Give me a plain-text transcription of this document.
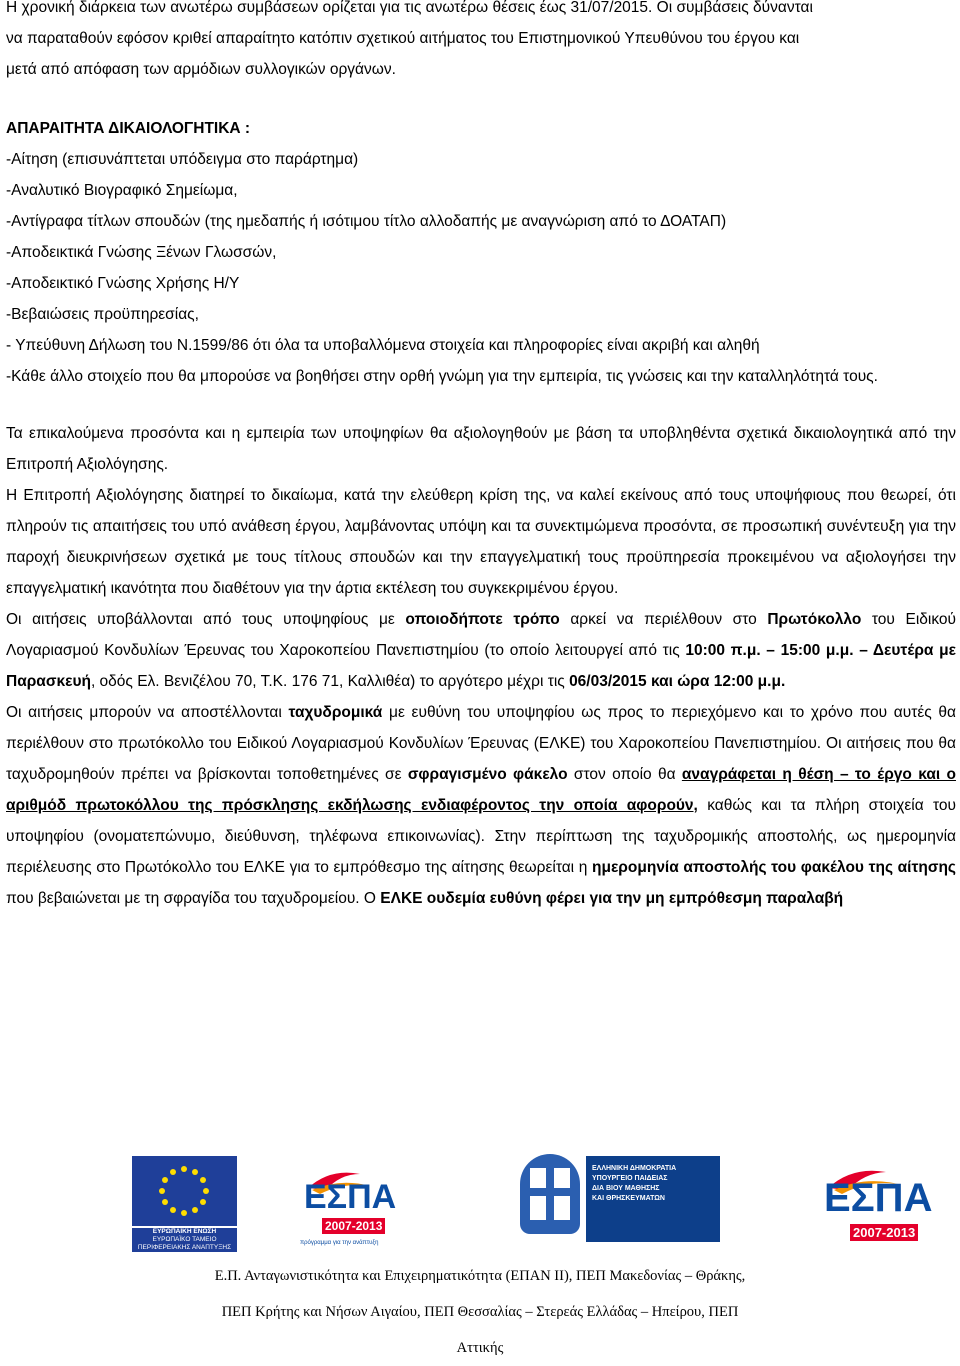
Η χρονική διάρκεια των ανωτέρω συμβάσεων ορίζεται για τις ανωτέρω θέσεις έως 31/07/2015. Οι συμβάσεις δύνανται

να παραταθούν εφόσον κριθεί απαραίτητο κατόπιν σχετικού αιτήματος του Επιστημονικού Υπευθύνου του έργου και

μετά από απόφαση των αρμόδιων συλλογικών οργάνων.

ΑΠΑΡΑΙΤΗΤΑ ΔΙΚΑΙΟΛΟΓΗΤΙΚΑ :

-Αίτηση (επισυνάπτεται υπόδειγμα στο παράρτημα)

-Αναλυτικό Βιογραφικό Σημείωμα,

-Αντίγραφα τίτλων σπουδών (της ημεδαπής ή ισότιμου τίτλο αλλοδαπής με αναγνώριση από το ΔΟΑΤΑΠ)

-Αποδεικτικά Γνώσης Ξένων Γλωσσών,

-Αποδεικτικό Γνώσης Χρήσης Η/Υ

-Βεβαιώσεις προϋπηρεσίας,

- Υπεύθυνη Δήλωση του Ν.1599/86 ότι όλα τα υποβαλλόμενα στοιχεία και πληροφορίες είναι ακριβή και αληθή

-Κάθε άλλο στοιχείο που θα μπορούσε να βοηθήσει στην ορθή γνώμη για την εμπειρία, τις γνώσεις και την καταλληλότητά τους.

Τα επικαλούμενα προσόντα και η εμπειρία των υποψηφίων θα αξιολογηθούν με βάση τα υποβληθέντα σχετικά δικαιολογητικά από την Επιτροπή Αξιολόγησης.

Η Επιτροπή Αξιολόγησης διατηρεί το δικαίωμα, κατά την ελεύθερη κρίση της, να καλεί εκείνους από τους υποψήφιους που θεωρεί, ότι πληρούν τις απαιτήσεις του υπό ανάθεση έργου, λαμβάνοντας υπόψη και τα συνεκτιμώμενα προσόντα, σε προσωπική συνέντευξη για την παροχή διευκρινήσεων σχετικά με τους τίτλους σπουδών και την επαγγελματική τους προϋπηρεσία προκειμένου να αξιολογήσει την επαγγελματική ικανότητα που διαθέτουν για την άρτια εκτέλεση του συγκεκριμένου έργου.

Οι αιτήσεις υποβάλλονται από τους υποψηφίους με οποιοδήποτε τρόπο αρκεί να περιέλθουν στο Πρωτόκολλο του Ειδικού Λογαριασμού Κονδυλίων Έρευνας του Χαροκοπείου Πανεπιστημίου (το οποίο λειτουργεί από τις 10:00 π.μ. – 15:00 μ.μ. – Δευτέρα με Παρασκευή, οδός Ελ. Βενιζέλου 70, Τ.Κ. 176 71, Καλλιθέα) το αργότερο μέχρι τις 06/03/2015 και ώρα 12:00 μ.μ.

Οι αιτήσεις μπορούν να αποστέλλονται ταχυδρομικά με ευθύνη του υποψηφίου ως προς το περιεχόμενο και το χρόνο που αυτές θα περιέλθουν στο πρωτόκολλο του Ειδικού Λογαριασμού Κονδυλίων Έρευνας (ΕΛΚΕ) του Χαροκοπείου Πανεπιστημίου. Οι αιτήσεις που θα ταχυδρομηθούν πρέπει να βρίσκονται τοποθετημένες σε σφραγισμένο φάκελο στον οποίο θα αναγράφεται η θέση – το έργο και ο αριθμόδ πρωτοκόλλου της πρόσκλησης εκδήλωσης ενδιαφέροντος την οποία αφορούν, καθώς και τα πλήρη στοιχεία του υποψηφίου (ονοματεπώνυμο, διεύθυνση, τηλέφωνα επικοινωνίας). Στην περίπτωση της ταχυδρομικής αποστολής, ως ημερομηνία περιέλευσης στο Πρωτόκολλο του ΕΛΚΕ για το εμπρόθεσμο της αίτησης θεωρείται η ημερομηνία αποστολής του φακέλου της αίτησης που βεβαιώνεται με τη σφραγίδα του ταχυδρομείου. Ο ΕΛΚΕ ουδεμία ευθύνη φέρει για την μη εμπρόθεσμη παραλαβή

ΕΥΡΩΠΑΪΚΗ ΕΝΩΣΗ
ΕΥΡΩΠΑΪΚΟ ΤΑΜΕΙΟ
ΠΕΡΙΦΕΡΕΙΑΚΗΣ ΑΝΑΠΤΥΞΗΣ
ΕΣΠΑ
2007-2013
πρόγραμμα για την ανάπτυξη
ΕΛΛΗΝΙΚΗ ΔΗΜΟΚΡΑΤΙΑ
ΥΠΟΥΡΓΕΙΟ ΠΑΙΔΕΙΑΣ
ΔΙΑ ΒΙΟΥ ΜΑΘΗΣΗΣ
ΚΑΙ ΘΡΗΣΚΕΥΜΑΤΩΝ	ΕΣΠΑ
2007-2013
Ε.Π. Ανταγωνιστικότητα και Επιχειρηματικότητα (ΕΠΑΝ ΙΙ), ΠΕΠ Μακεδονίας – Θράκης,
ΠΕΠ Κρήτης και Νήσων Αιγαίου, ΠΕΠ Θεσσαλίας – Στερεάς Ελλάδας – Ηπείρου, ΠΕΠ
Αττικής
